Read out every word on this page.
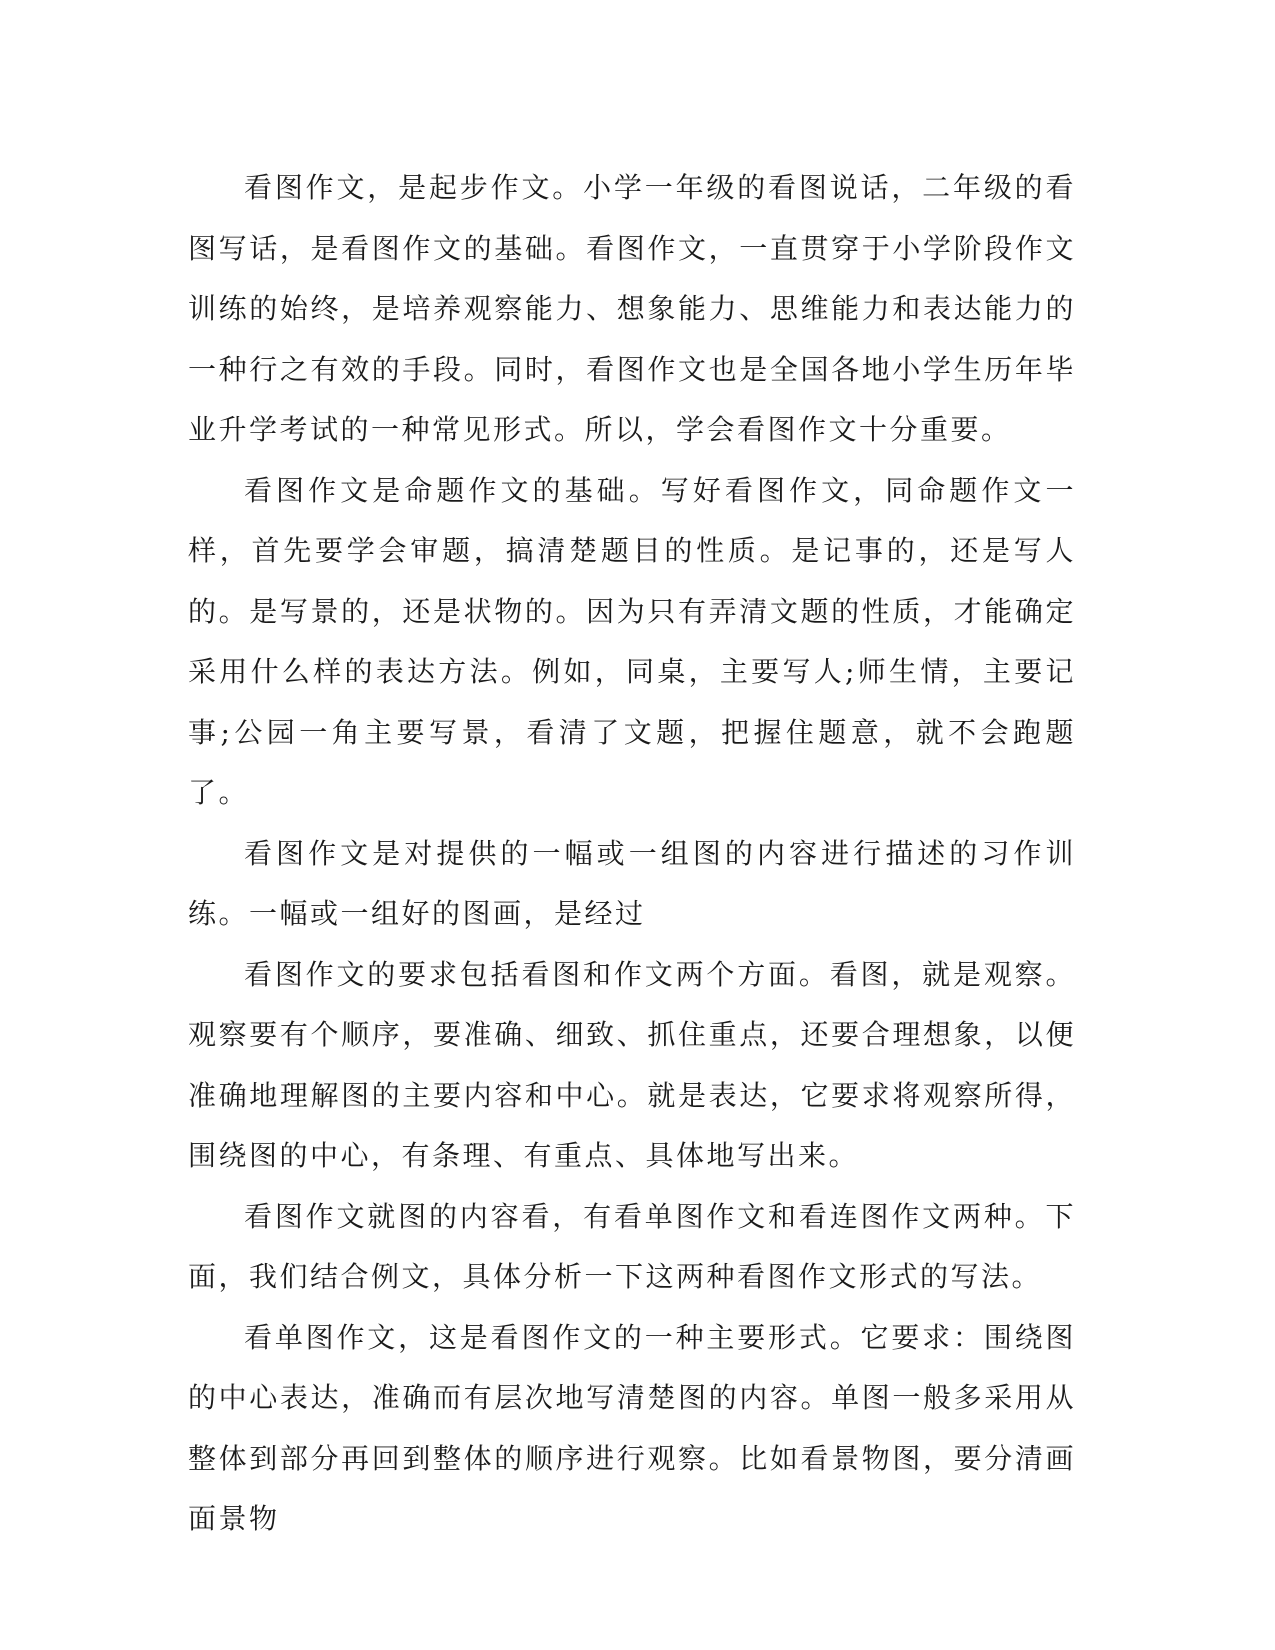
看图作文，是起步作文。小学一年级的看图说话，二年级的看图写话，是看图作文的基础。看图作文，一直贯穿于小学阶段作文训练的始终，是培养观察能力、想象能力、思维能力和表达能力的一种行之有效的手段。同时，看图作文也是全国各地小学生历年毕业升学考试的一种常见形式。所以，学会看图作文十分重要。

看图作文是命题作文的基础。写好看图作文，同命题作文一样，首先要学会审题，搞清楚题目的性质。是记事的，还是写人的。是写景的，还是状物的。因为只有弄清文题的性质，才能确定采用什么样的表达方法。例如，同桌，主要写人;师生情，主要记事;公园一角主要写景，看清了文题，把握住题意，就不会跑题了。

看图作文是对提供的一幅或一组图的内容进行描述的习作训练。一幅或一组好的图画，是经过

看图作文的要求包括看图和作文两个方面。看图，就是观察。观察要有个顺序，要准确、细致、抓住重点，还要合理想象，以便准确地理解图的主要内容和中心。就是表达，它要求将观察所得，围绕图的中心，有条理、有重点、具体地写出来。

看图作文就图的内容看，有看单图作文和看连图作文两种。下面，我们结合例文，具体分析一下这两种看图作文形式的写法。

看单图作文，这是看图作文的一种主要形式。它要求：围绕图的中心表达，准确而有层次地写清楚图的内容。单图一般多采用从整体到部分再回到整体的顺序进行观察。比如看景物图，要分清画面景物
